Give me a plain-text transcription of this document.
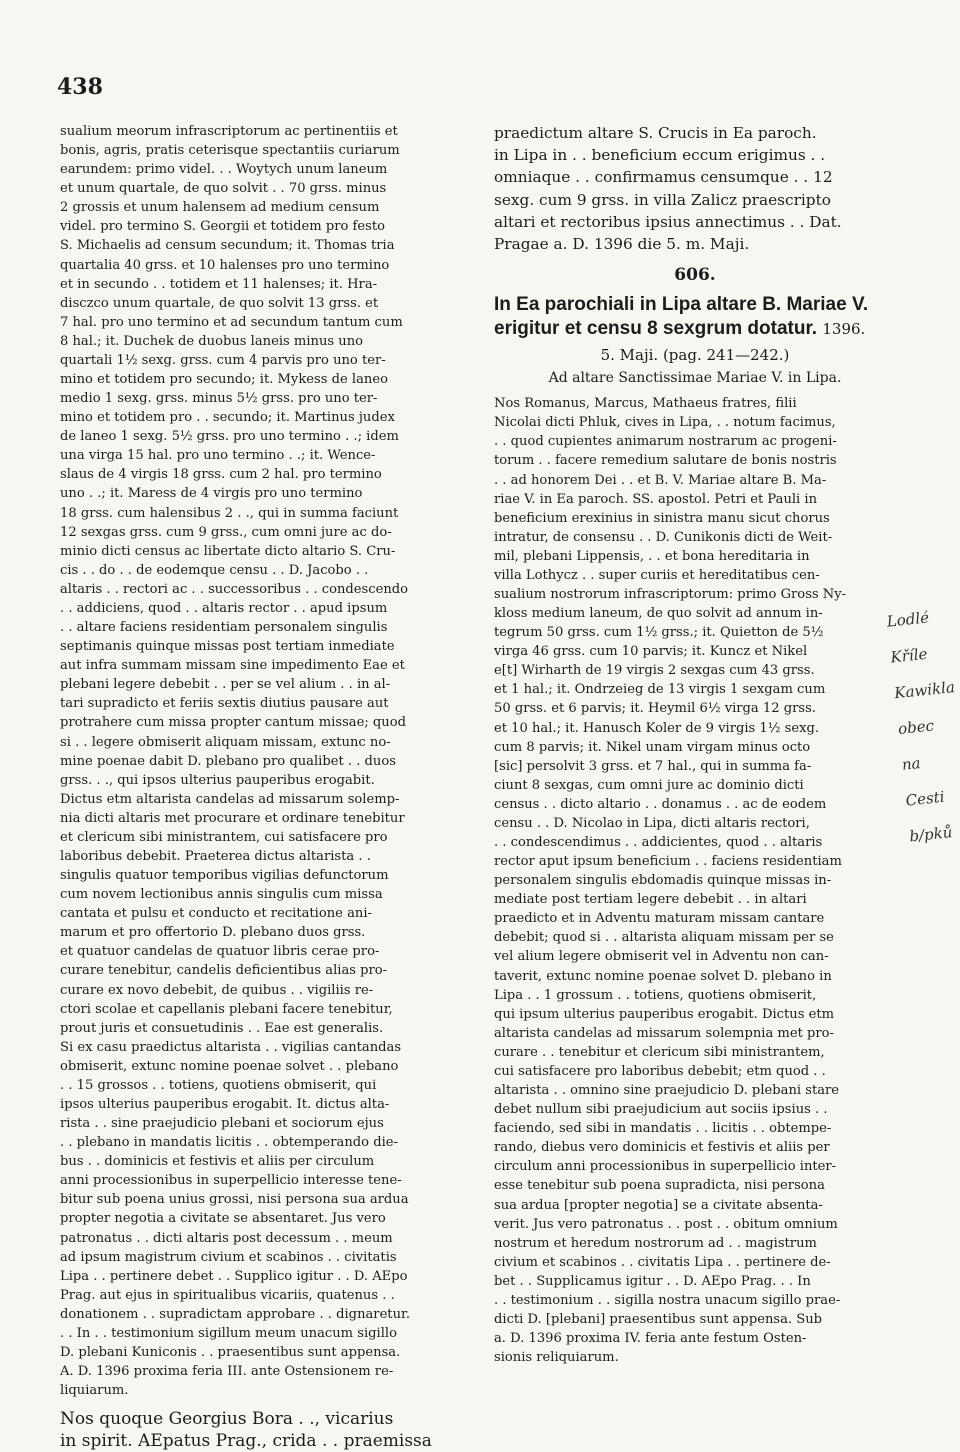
438
sualium meorum infrascriptorum ac pertinentiis et
bonis, agris, pratis ceterisque spectantiis curiarum
earundem: primo videl. . . Woytych unum laneum
et unum quartale, de quo solvit . . 70 grss. minus
2 grossis et unum halensem ad medium censum
videl. pro termino S. Georgii et totidem pro festo
S. Michaelis ad censum secundum; it. Thomas tria
quartalia 40 grss. et 10 halenses pro uno termino
et in secundo . . totidem et 11 halenses; it. Hra-
disczco unum quartale, de quo solvit 13 grss. et
7 hal. pro uno termino et ad secundum tantum cum
8 hal.; it. Duchek de duobus laneis minus uno
quartali 1½ sexg. grss. cum 4 parvis pro uno ter-
mino et totidem pro secundo; it. Mykess de laneo
medio 1 sexg. grss. minus 5½ grss. pro uno ter-
mino et totidem pro . . secundo; it. Martinus judex
de laneo 1 sexg. 5½ grss. pro uno termino . .; idem
una virga 15 hal. pro uno termino . .; it. Wence-
slaus de 4 virgis 18 grss. cum 2 hal. pro termino
uno . .; it. Maress de 4 virgis pro uno termino
18 grss. cum halensibus 2 . ., qui in summa faciunt
12 sexgas grss. cum 9 grss., cum omni jure ac do-
minio dicti census ac libertate dicto altario S. Cru-
cis . . do . . de eodemque censu . . D. Jacobo . .
altaris . . rectori ac . . successoribus . . condescendo
. . addiciens, quod . . altaris rector . . apud ipsum
. . altare faciens residentiam personalem singulis
septimanis quinque missas post tertiam inmediate
aut infra summam missam sine impedimento Eae et
plebani legere debebit . . per se vel alium . . in al-
tari supradicto et feriis sextis diutius pausare aut
protrahere cum missa propter cantum missae; quod
si . . legere obmiserit aliquam missam, extunc no-
mine poenae dabit D. plebano pro qualibet . . duos
grss. . ., qui ipsos ulterius pauperibus erogabit.
Dictus etm altarista candelas ad missarum solemp-
nia dicti altaris met procurare et ordinare tenebitur
et clericum sibi ministrantem, cui satisfacere pro
laboribus debebit. Praeterea dictus altarista . .
singulis quatuor temporibus vigilias defunctorum
cum novem lectionibus annis singulis cum missa
cantata et pulsu et conducto et recitatione ani-
marum et pro offertorio D. plebano duos grss.
et quatuor candelas de quatuor libris cerae pro-
curare tenebitur, candelis deficientibus alias pro-
curare ex novo debebit, de quibus . . vigiliis re-
ctori scolae et capellanis plebani facere tenebitur,
prout juris et consuetudinis . . Eae est generalis.
Si ex casu praedictus altarista . . vigilias cantandas
obmiserit, extunc nomine poenae solvet . . plebano
. . 15 grossos . . totiens, quotiens obmiserit, qui
ipsos ulterius pauperibus erogabit. It. dictus alta-
rista . . sine praejudicio plebani et sociorum ejus
. . plebano in mandatis licitis . . obtemperando die-
bus . . dominicis et festivis et aliis per circulum
anni processionibus in superpellicio interesse tene-
bitur sub poena unius grossi, nisi persona sua ardua
propter negotia a civitate se absentaret. Jus vero
patronatus . . dicti altaris post decessum . . meum
ad ipsum magistrum civium et scabinos . . civitatis
Lipa . . pertinere debet . . Supplico igitur . . D. AEpo
Prag. aut ejus in spiritualibus vicariis, quatenus . .
donationem . . supradictam approbare . . dignaretur.
. . In . . testimonium sigillum meum unacum sigillo
D. plebani Kuniconis . . praesentibus sunt appensa.
A. D. 1396 proxima feria III. ante Ostensionem re-
liquiarum.
Nos quoque Georgius Bora . ., vicarius
in spirit. AEpatus Prag., crida . . praemissa
praedictum altare S. Crucis in Ea paroch.
in Lipa in . . beneficium eccum erigimus . .
omniaque . . confirmamus censumque . . 12
sexg. cum 9 grss. in villa Zalicz praescripto
altari et rectoribus ipsius annectimus . . Dat.
Pragae a. D. 1396 die 5. m. Maji.
606.
In Ea parochiali in Lipa altare B. Mariae V.
erigitur et censu 8 sexgrum dotatur. 1396.
5. Maji. (pag. 241—242.)
Ad altare Sanctissimae Mariae V. in Lipa.
Nos Romanus, Marcus, Mathaeus fratres, filii
Nicolai dicti Phluk, cives in Lipa, . . notum facimus,
. . quod cupientes animarum nostrarum ac progeni-
torum . . facere remedium salutare de bonis nostris
. . ad honorem Dei . . et B. V. Mariae altare B. Ma-
riae V. in Ea paroch. SS. apostol. Petri et Pauli in
beneficium erexinius in sinistra manu sicut chorus
intratur, de consensu . . D. Cunikonis dicti de Weit-
mil, plebani Lippensis, . . et bona hereditaria in
villa Lothycz . . super curiis et hereditatibus cen-
sualium nostrorum infrascriptorum: primo Gross Ny-
kloss medium laneum, de quo solvit ad annum in-
tegrum 50 grss. cum 1½ grss.; it. Quietton de 5½
virga 46 grss. cum 10 parvis; it. Kuncz et Nikel
e[t] Wirharth de 19 virgis 2 sexgas cum 43 grss.
et 1 hal.; it. Ondrzeieg de 13 virgis 1 sexgam cum
50 grss. et 6 parvis; it. Heymil 6½ virga 12 grss.
et 10 hal.; it. Hanusch Koler de 9 virgis 1½ sexg.
cum 8 parvis; it. Nikel unam virgam minus octo
[sic] persolvit 3 grss. et 7 hal., qui in summa fa-
ciunt 8 sexgas, cum omni jure ac dominio dicti
census . . dicto altario . . donamus . . ac de eodem
censu . . D. Nicolao in Lipa, dicti altaris rectori,
. . condescendimus . . addicientes, quod . . altaris
rector aput ipsum beneficium . . faciens residentiam
personalem singulis ebdomadis quinque missas in-
mediate post tertiam legere debebit . . in altari
praedicto et in Adventu maturam missam cantare
debebit; quod si . . altarista aliquam missam per se
vel alium legere obmiserit vel in Adventu non can-
taverit, extunc nomine poenae solvet D. plebano in
Lipa . . 1 grossum . . totiens, quotiens obmiserit,
qui ipsum ulterius pauperibus erogabit. Dictus etm
altarista candelas ad missarum solempnia met pro-
curare . . tenebitur et clericum sibi ministrantem,
cui satisfacere pro laboribus debebit; etm quod . .
altarista . . omnino sine praejudicio D. plebani stare
debet nullum sibi praejudicium aut sociis ipsius . .
faciendo, sed sibi in mandatis . . licitis . . obtempe-
rando, diebus vero dominicis et festivis et aliis per
circulum anni processionibus in superpellicio inter-
esse tenebitur sub poena supradicta, nisi persona
sua ardua [propter negotia] se a civitate absenta-
verit. Jus vero patronatus . . post . . obitum omnium
nostrum et heredum nostrorum ad . . magistrum
civium et scabinos . . civitatis Lipa . . pertinere de-
bet . . Supplicamus igitur . . D. AEpo Prag. . . In
. . testimonium . . sigilla nostra unacum sigillo prae-
dicti D. [plebani] praesentibus sunt appensa. Sub
a. D. 1396 proxima IV. feria ante festum Osten-
sionis reliquiarum.
Lodlé
Kříle
Kawikla
obec
na Cesti
b/pků
